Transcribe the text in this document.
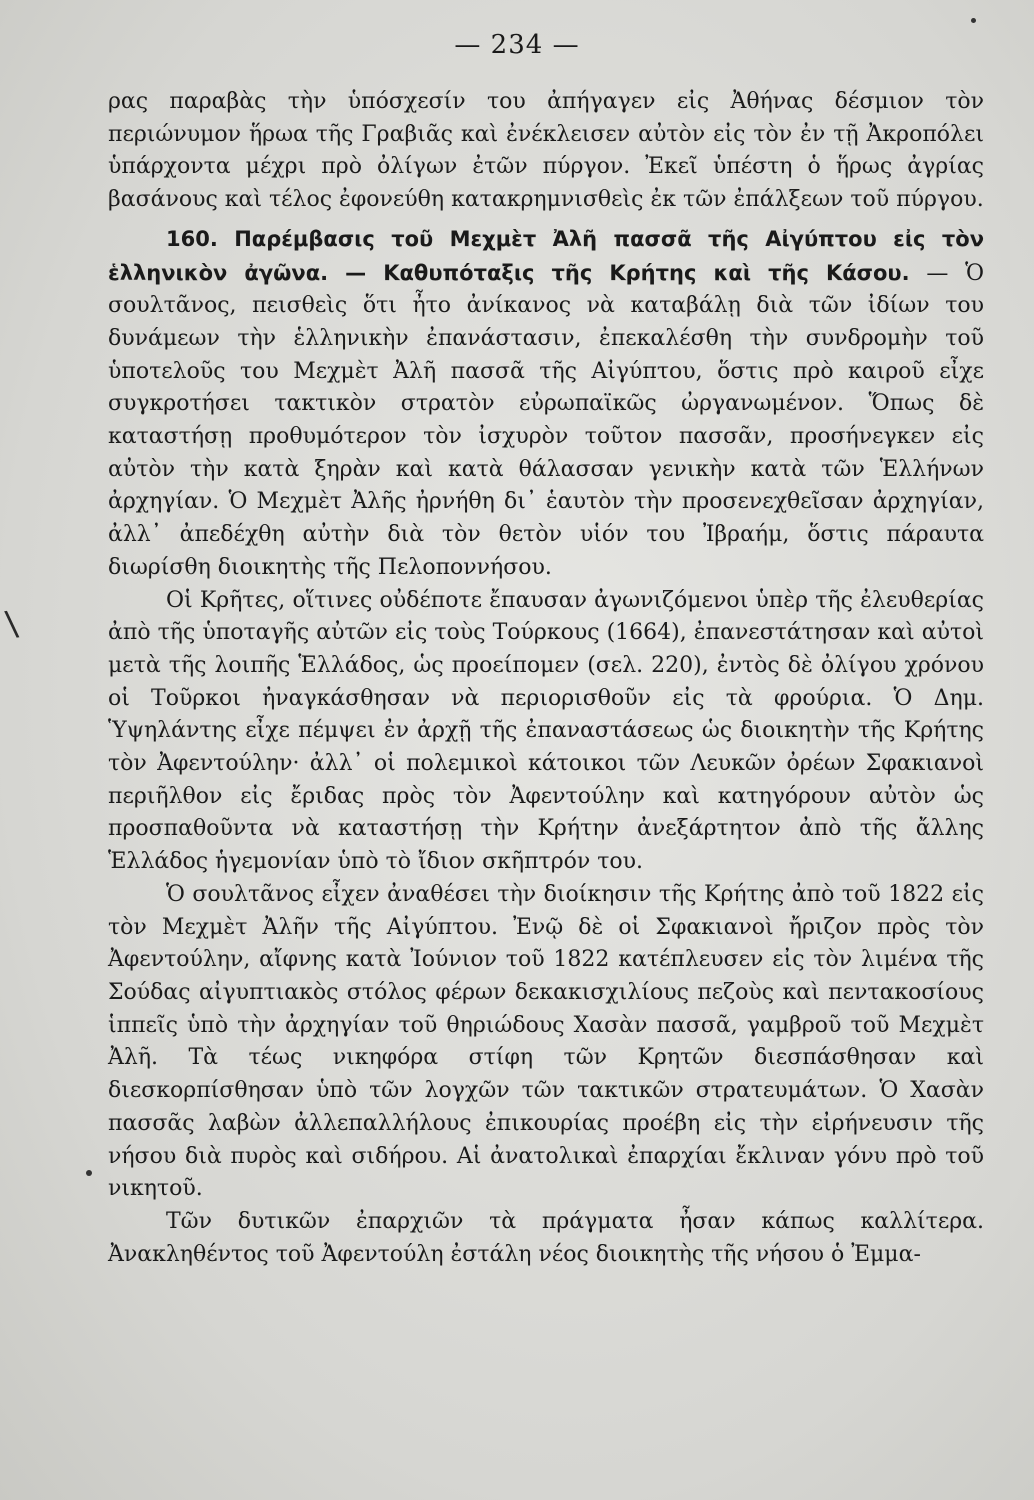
— 234 —
\

ρας παραβὰς τὴν ὑπόσχεσίν του ἀπήγαγεν εἰς Ἀθήνας δέσμιον τὸν περιώνυμον ἥρωα τῆς Γραβιᾶς καὶ ἐνέκλεισεν αὐτὸν εἰς τὸν ἐν τῇ Ἀκροπόλει ὑπάρχοντα μέχρι πρὸ ὀλίγων ἐτῶν πύργον. Ἐκεῖ ὑπέστη ὁ ἥρως ἀγρίας βασάνους καὶ τέλος ἐφονεύθη κατακρημνισθεὶς ἐκ τῶν ἐπάλξεων τοῦ πύργου.

160. Παρέμβασις τοῦ Μεχμὲτ Ἀλῆ πασσᾶ τῆς Αἰγύπτου εἰς τὸν ἑλληνικὸν ἀγῶνα. — Καθυπόταξις τῆς Κρήτης καὶ τῆς Κάσου. — Ὁ σουλτᾶνος, πεισθεὶς ὅτι ἦτο ἀνίκανος νὰ καταβάλῃ διὰ τῶν ἰδίων του δυνάμεων τὴν ἑλληνικὴν ἐπανάστασιν, ἐπεκαλέσθη τὴν συνδρομὴν τοῦ ὑποτελοῦς του Μεχμὲτ Ἀλῆ πασσᾶ τῆς Αἰγύπτου, ὅστις πρὸ καιροῦ εἶχε συγκροτήσει τακτικὸν στρατὸν εὐρωπαϊκῶς ὠργανωμένον. Ὅπως δὲ καταστήσῃ προθυμότερον τὸν ἰσχυρὸν τοῦτον πασσᾶν, προσήνεγκεν εἰς αὐτὸν τὴν κατὰ ξηρὰν καὶ κατὰ θάλασσαν γενικὴν κατὰ τῶν Ἑλλήνων ἀρχηγίαν. Ὁ Μεχμὲτ Ἀλῆς ἠρνήθη δι᾽ ἑαυτὸν τὴν προσενεχθεῖσαν ἀρχηγίαν, ἀλλ᾽ ἀπεδέχθη αὐτὴν διὰ τὸν θετὸν υἱόν του Ἰβραήμ, ὅστις πάραυτα διωρίσθη διοικητὴς τῆς Πελοποννήσου.

Οἱ Κρῆτες, οἵτινες οὐδέποτε ἔπαυσαν ἀγωνιζόμενοι ὑπὲρ τῆς ἐλευθερίας ἀπὸ τῆς ὑποταγῆς αὐτῶν εἰς τοὺς Τούρκους (1664), ἐπανεστάτησαν καὶ αὐτοὶ μετὰ τῆς λοιπῆς Ἑλλάδος, ὡς προείπομεν (σελ. 220), ἐντὸς δὲ ὀλίγου χρόνου οἱ Τοῦρκοι ἠναγκάσθησαν νὰ περιορισθοῦν εἰς τὰ φρούρια. Ὁ Δημ. Ὑψηλάντης εἶχε πέμψει ἐν ἀρχῇ τῆς ἐπαναστάσεως ὡς διοικητὴν τῆς Κρήτης τὸν Ἀφεντούλην· ἀλλ᾽ οἱ πολεμικοὶ κάτοικοι τῶν Λευκῶν ὀρέων Σφακιανοὶ περιῆλθον εἰς ἔριδας πρὸς τὸν Ἀφεντούλην καὶ κατηγόρουν αὐτὸν ὡς προσπαθοῦντα νὰ καταστήσῃ τὴν Κρήτην ἀνεξάρτητον ἀπὸ τῆς ἄλλης Ἑλλάδος ἡγεμονίαν ὑπὸ τὸ ἴδιον σκῆπτρόν του.

Ὁ σουλτᾶνος εἶχεν ἀναθέσει τὴν διοίκησιν τῆς Κρήτης ἀπὸ τοῦ 1822 εἰς τὸν Μεχμὲτ Ἀλῆν τῆς Αἰγύπτου. Ἐνῷ δὲ οἱ Σφακιανοὶ ἤριζον πρὸς τὸν Ἀφεντούλην, αἴφνης κατὰ Ἰούνιον τοῦ 1822 κατέπλευσεν εἰς τὸν λιμένα τῆς Σούδας αἰγυπτιακὸς στόλος φέρων δεκακισχιλίους πεζοὺς καὶ πεντακοσίους ἱππεῖς ὑπὸ τὴν ἀρχηγίαν τοῦ θηριώδους Χασὰν πασσᾶ, γαμβροῦ τοῦ Μεχμὲτ Ἀλῆ. Τὰ τέως νικηφόρα στίφη τῶν Κρητῶν διεσπάσθησαν καὶ διεσκορπίσθησαν ὑπὸ τῶν λογχῶν τῶν τακτικῶν στρατευμάτων. Ὁ Χασὰν πασσᾶς λαβὼν ἀλλεπαλλήλους ἐπικουρίας προέβη εἰς τὴν εἰρήνευσιν τῆς νήσου διὰ πυρὸς καὶ σιδήρου. Αἱ ἀνατολικαὶ ἐπαρχίαι ἔκλιναν γόνυ πρὸ τοῦ νικητοῦ.

Τῶν δυτικῶν ἐπαρχιῶν τὰ πράγματα ἦσαν κάπως καλλίτερα. Ἀνακληθέντος τοῦ Ἀφεντούλη ἐστάλη νέος διοικητὴς τῆς νήσου ὁ Ἐμμα-
